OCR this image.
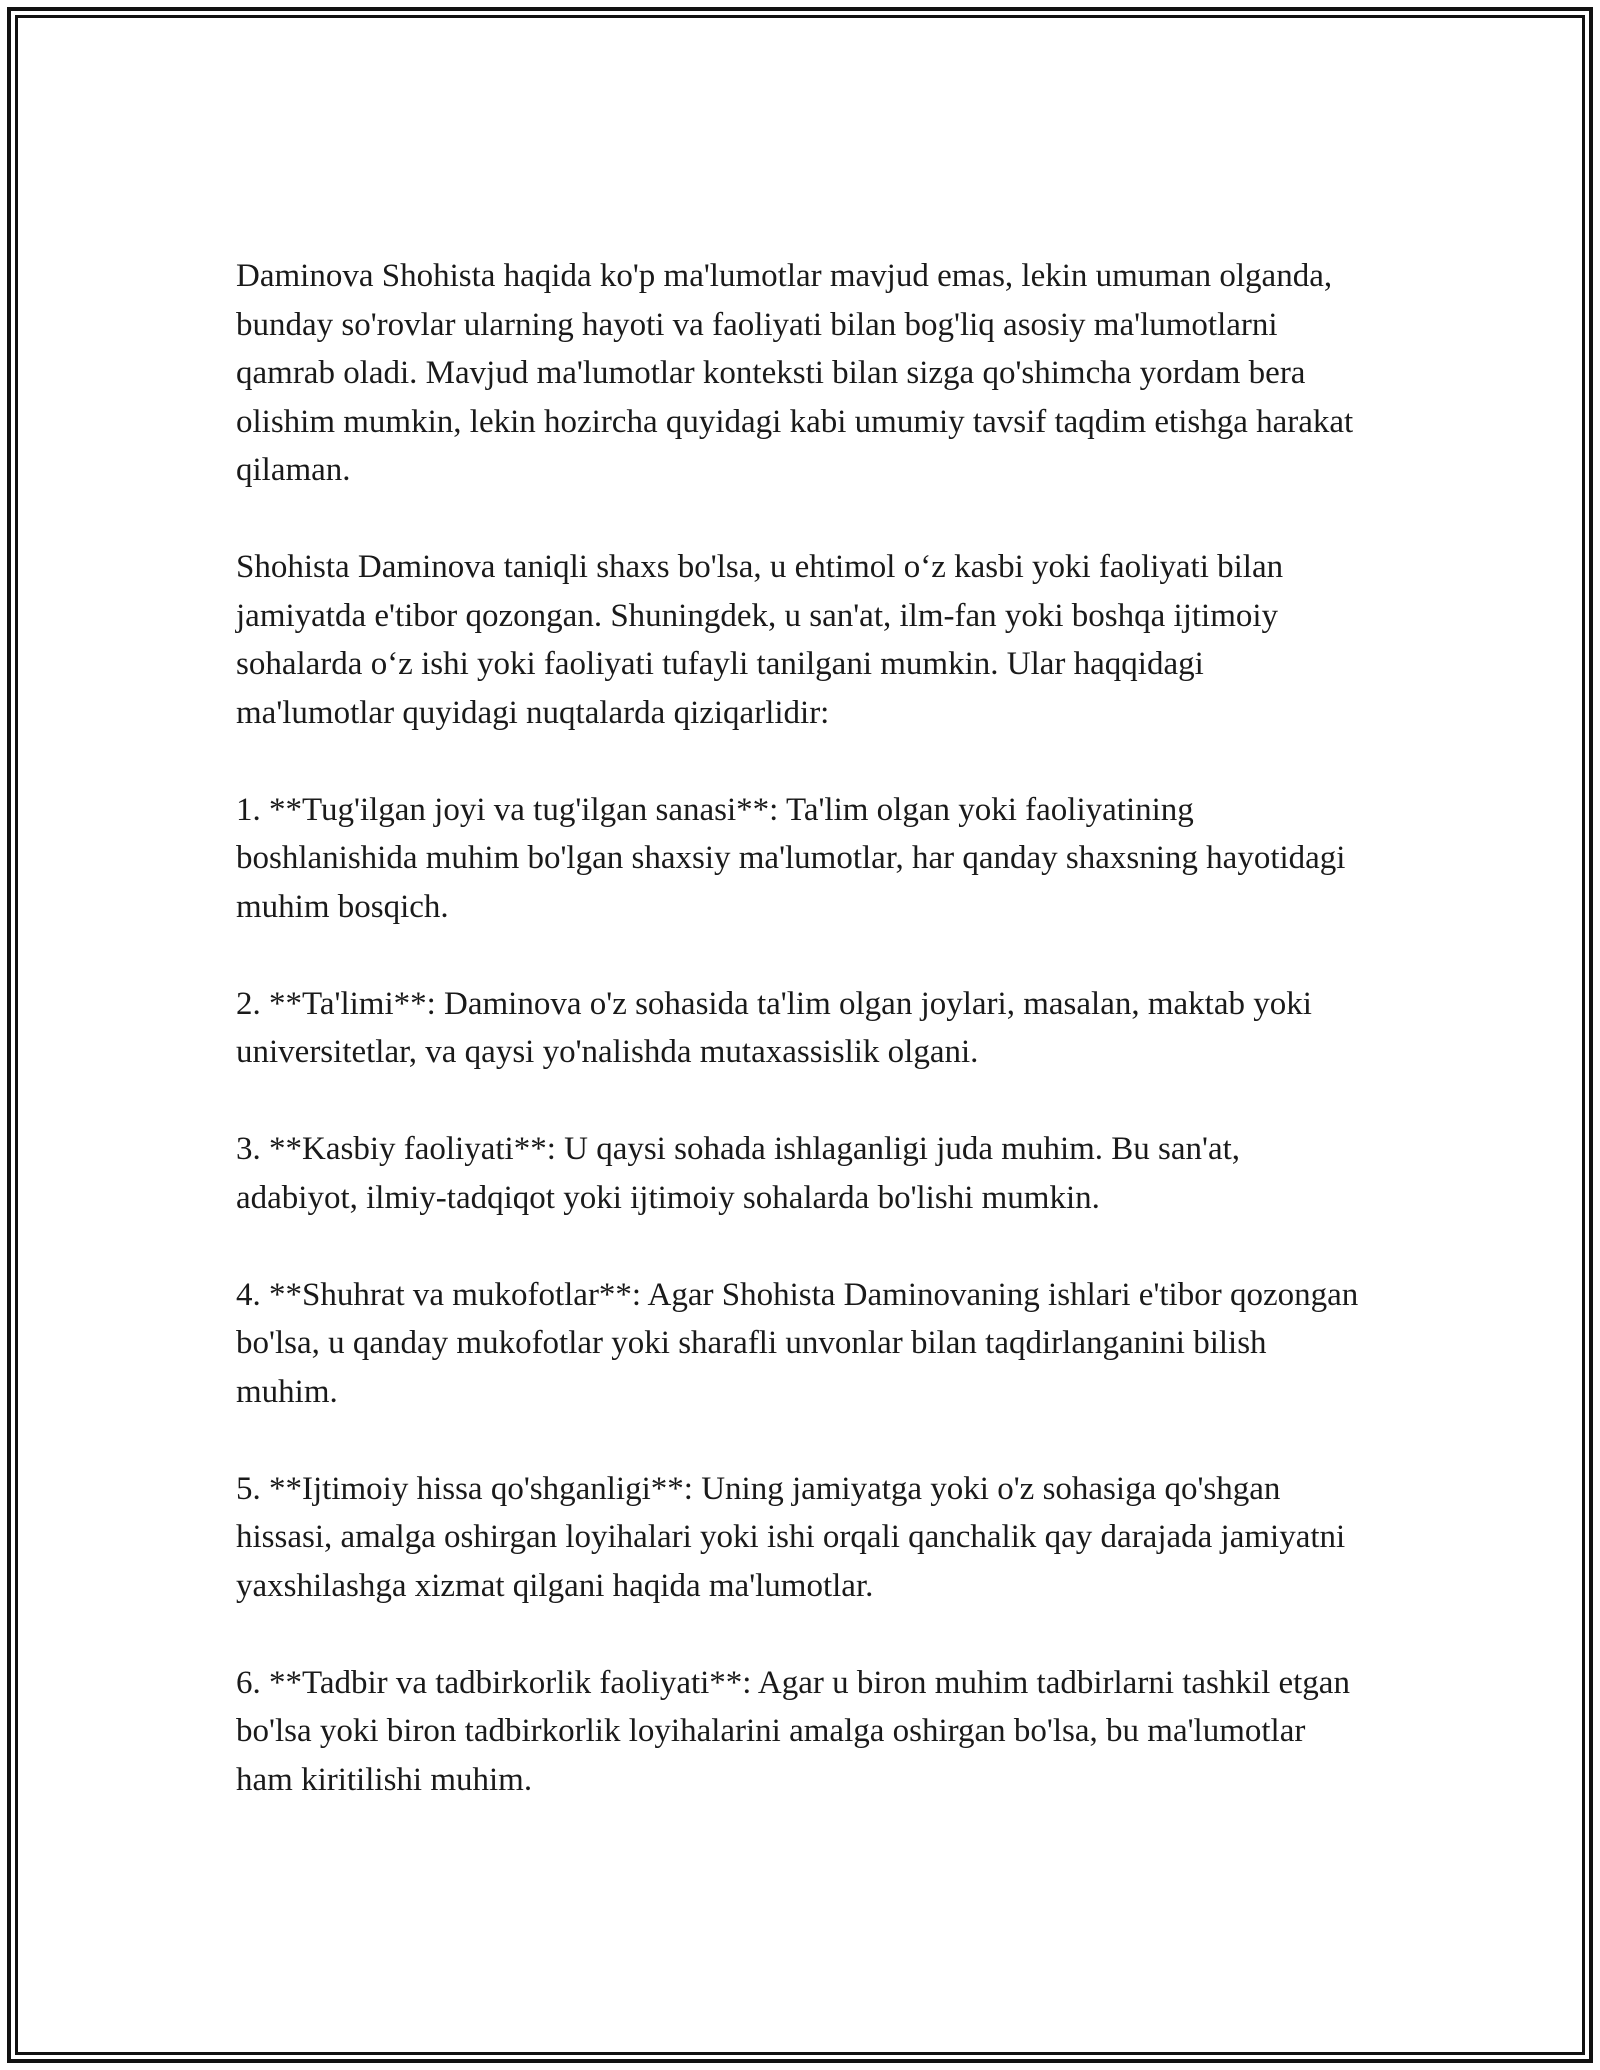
Daminova Shohista haqida ko'p ma'lumotlar mavjud emas, lekin umuman olganda, bunday so'rovlar ularning hayoti va faoliyati bilan bog'liq asosiy ma'lumotlarni qamrab oladi. Mavjud ma'lumotlar konteksti bilan sizga qo'shimcha yordam bera olishim mumkin, lekin hozircha quyidagi kabi umumiy tavsif taqdim etishga harakat qilaman.

Shohista Daminova taniqli shaxs bo'lsa, u ehtimol o‘z kasbi yoki faoliyati bilan jamiyatda e'tibor qozongan. Shuningdek, u san'at, ilm-fan yoki boshqa ijtimoiy sohalarda o‘z ishi yoki faoliyati tufayli tanilgani mumkin. Ular haqqidagi ma'lumotlar quyidagi nuqtalarda qiziqarlidir:

1. **Tug'ilgan joyi va tug'ilgan sanasi**: Ta'lim olgan yoki faoliyatining boshlanishida muhim bo'lgan shaxsiy ma'lumotlar, har qanday shaxsning hayotidagi muhim bosqich.

2. **Ta'limi**: Daminova o'z sohasida ta'lim olgan joylari, masalan, maktab yoki universitetlar, va qaysi yo'nalishda mutaxassislik olgani.

3. **Kasbiy faoliyati**: U qaysi sohada ishlaganligi juda muhim. Bu san'at, adabiyot, ilmiy-tadqiqot yoki ijtimoiy sohalarda bo'lishi mumkin.

4. **Shuhrat va mukofotlar**: Agar Shohista Daminovaning ishlari e'tibor qozongan bo'lsa, u qanday mukofotlar yoki sharafli unvonlar bilan taqdirlanganini bilish muhim.

5. **Ijtimoiy hissa qo'shganligi**: Uning jamiyatga yoki o'z sohasiga qo'shgan hissasi, amalga oshirgan loyihalari yoki ishi orqali qanchalik qay darajada jamiyatni yaxshilashga xizmat qilgani haqida ma'lumotlar.

6. **Tadbir va tadbirkorlik faoliyati**: Agar u biron muhim tadbirlarni tashkil etgan bo'lsa yoki biron tadbirkorlik loyihalarini amalga oshirgan bo'lsa, bu ma'lumotlar ham kiritilishi muhim.
